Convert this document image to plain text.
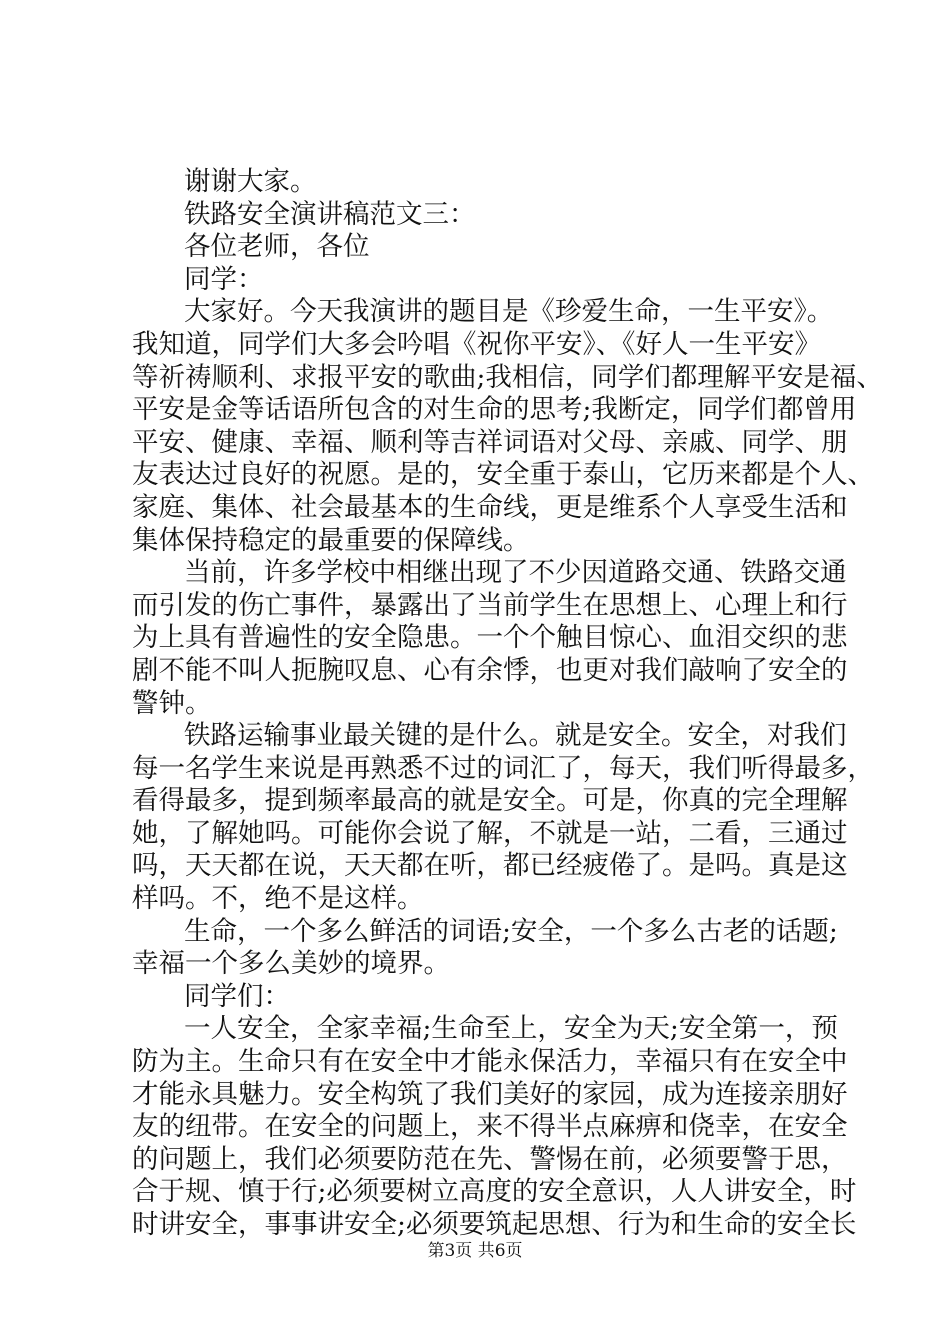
谢谢大家。
铁路安全演讲稿范文三：
各位老师，各位
同学：
大家好。今天我演讲的题目是《珍爱生命，一生平安》。
我知道，同学们大多会吟唱《祝你平安》、《好人一生平安》
等祈祷顺利、求报平安的歌曲;我相信，同学们都理解平安是福、
平安是金等话语所包含的对生命的思考;我断定，同学们都曾用
平安、健康、幸福、顺利等吉祥词语对父母、亲戚、同学、朋
友表达过良好的祝愿。是的，安全重于泰山，它历来都是个人、
家庭、集体、社会最基本的生命线，更是维系个人享受生活和
集体保持稳定的最重要的保障线。
当前，许多学校中相继出现了不少因道路交通、铁路交通
而引发的伤亡事件，暴露出了当前学生在思想上、心理上和行
为上具有普遍性的安全隐患。一个个触目惊心、血泪交织的悲
剧不能不叫人扼腕叹息、心有余悸，也更对我们敲响了安全的
警钟。
铁路运输事业最关键的是什么。就是安全。安全，对我们
每一名学生来说是再熟悉不过的词汇了，每天，我们听得最多，
看得最多，提到频率最高的就是安全。可是，你真的完全理解
她，了解她吗。可能你会说了解，不就是一站，二看，三通过
吗，天天都在说，天天都在听，都已经疲倦了。是吗。真是这
样吗。不，绝不是这样。
生命，一个多么鲜活的词语;安全，一个多么古老的话题;
幸福一个多么美妙的境界。
同学们：
一人安全，全家幸福;生命至上，安全为天;安全第一，预
防为主。生命只有在安全中才能永保活力，幸福只有在安全中
才能永具魅力。安全构筑了我们美好的家园，成为连接亲朋好
友的纽带。在安全的问题上，来不得半点麻痹和侥幸，在安全
的问题上，我们必须要防范在先、警惕在前，必须要警于思，
合于规、慎于行;必须要树立高度的安全意识，人人讲安全，时
时讲安全，事事讲安全;必须要筑起思想、行为和生命的安全长
第3页 共6页
